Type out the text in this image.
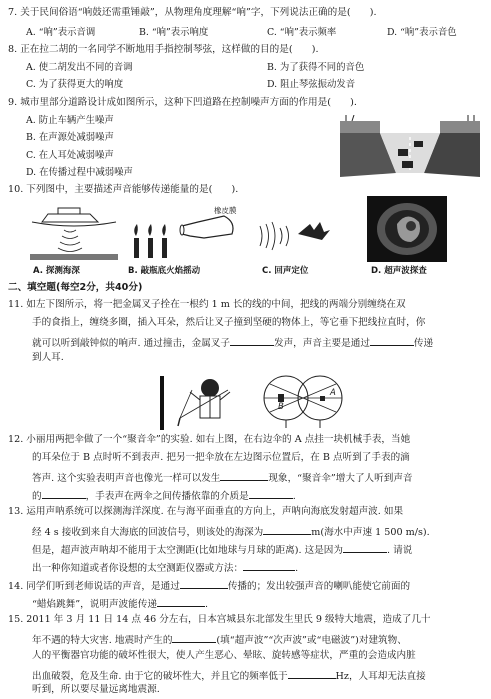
7. 关于民间俗语“响鼓还需重锤敲”，从物理角度理解“响”字，下列说法正确的是(　　).
A. “响”表示音调	B. “响”表示响度	C. “响”表示频率	D. “响”表示音色
8. 正在拉二胡的一名同学不断地用手指控制琴弦，这样做的目的是(　　).
A. 使二胡发出不同的音调	B. 为了获得不同的音色
C. 为了获得更大的响度	D. 阻止琴弦振动发音
9. 城市里部分道路设计成如图所示，这种下凹道路在控制噪声方面的作用是(　　).
A. 防止车辆产生噪声
B. 在声源处减弱噪声
C. 在人耳处减弱噪声
D. 在传播过程中减弱噪声
10. 下列图中，主要描述声音能够传递能量的是(　　).
A. 探测海深
橡皮膜
B. 敲瓶底火焰摇动	C. 回声定位	D. 超声波探查
二、填空题(每空2分，共40分)
11. 如左下图所示，将一把金属叉子拴在一根约 1 m 长的线的中间，把线的两端分别缠绕在双
手的食指上，缠绕多圈，插入耳朵，然后让叉子撞到坚硬的物体上，等它垂下把线拉直时，你
就可以听到敲钟似的响声. 通过撞击，金属叉子	发声，声音主要是通过	传递
到人耳.
B
A
12. 小丽用两把伞做了一个“聚音伞”的实验. 如右上图，在右边伞的 A 点挂一块机械手表，当她
的耳朵位于 B 点时听不到表声. 把另一把伞放在左边图示位置后，在 B 点听到了手表的滴
答声. 这个实验表明声音也像光一样可以发生	现象，“聚音伞”增大了人听到声音
的	，手表声在两伞之间传播依靠的介质是	.
13. 运用声呐系统可以探测海洋深度. 在与海平面垂直的方向上，声呐向海底发射超声波. 如果
经 4 s 接收到来自大海底的回波信号，则该处的海深为	m(海水中声速 1 500 m/s).
但是，超声波声呐却不能用于太空测距(比如地球与月球的距离). 这是因为	. 请说
出一种你知道或者你设想的太空测距仪器或方法：	.
14. 同学们听到老师说话的声音，是通过	传播的；发出较强声音的喇叭能使它前面的
“蜡焰跳舞”，说明声波能传递	.
15. 2011 年 3 月 11 日 14 点 46 分左右，日本宫城县东北部发生里氏 9 级特大地震，造成了几十
年不遇的特大灾害. 地震时产生的	(填“超声波”“次声波”或“电磁波”)对建筑物、
人的平衡器官功能的破坏性很大，使人产生恶心、晕眩、旋转感等症状，严重的会造成内脏
出血破裂，危及生命. 由于它的破坏性大，并且它的频率低于	Hz，人耳却无法直接
听到，所以要尽量远离地震源.
